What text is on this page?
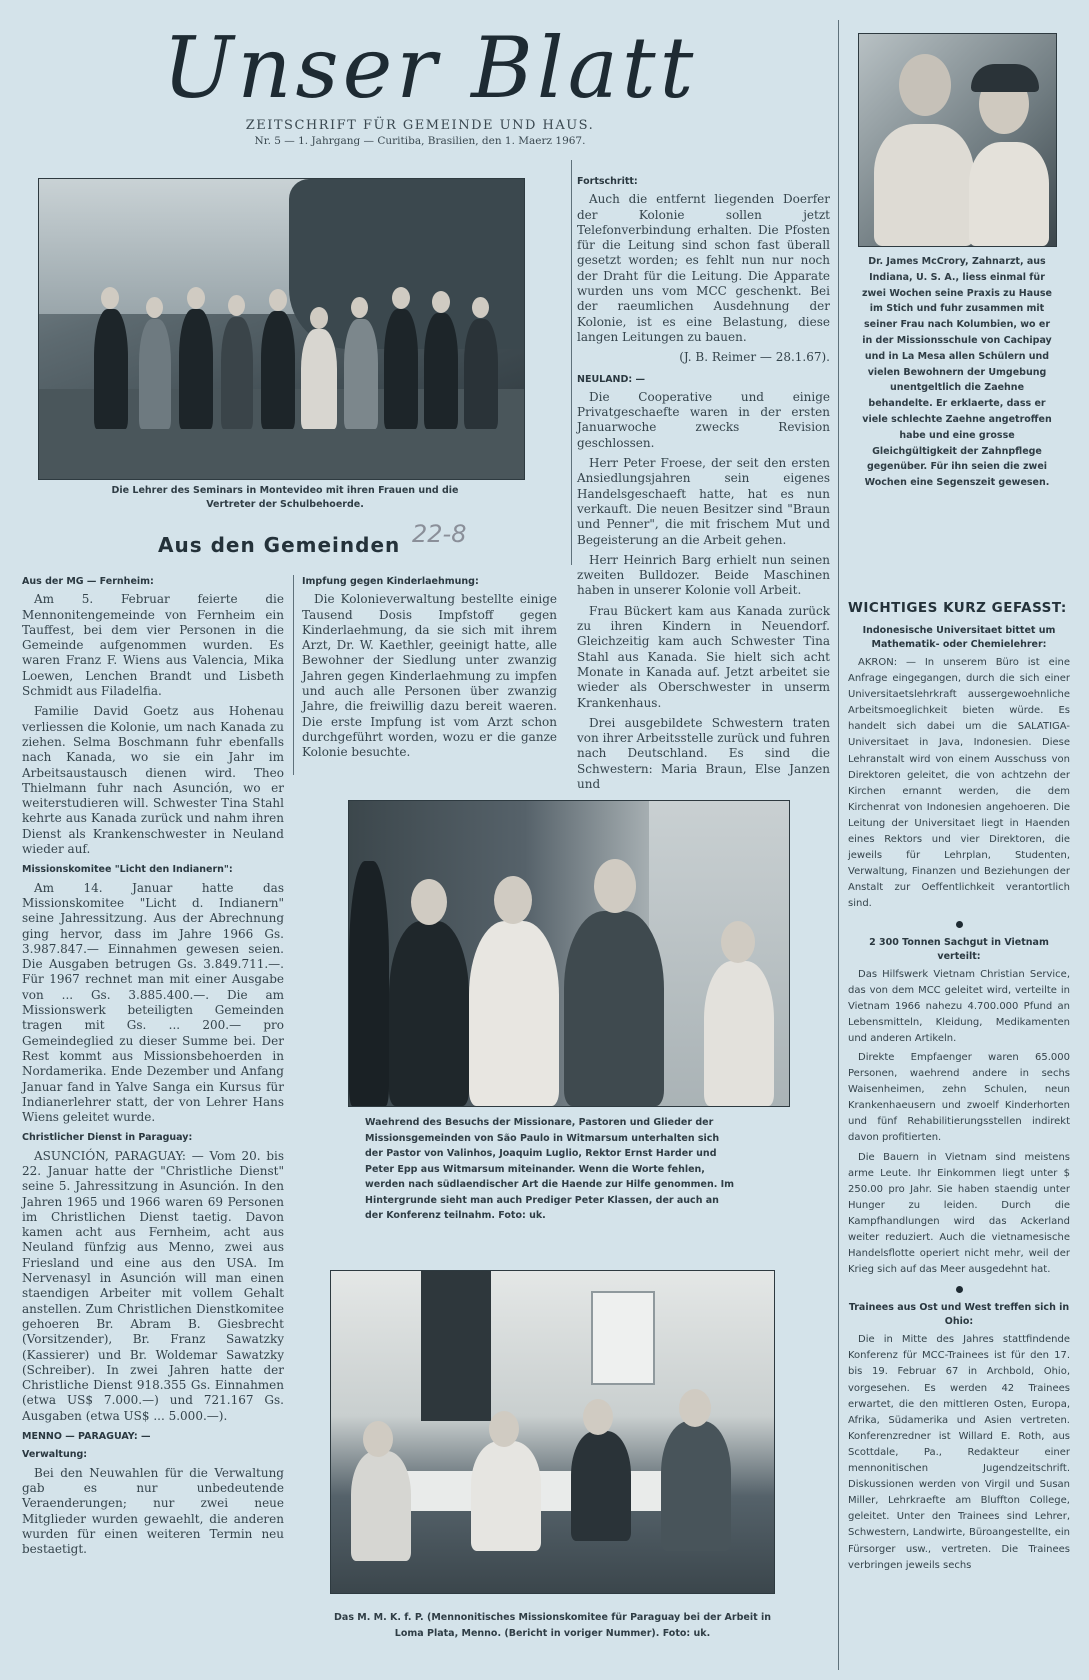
Unser Blatt
ZEITSCHRIFT FÜR GEMEINDE UND HAUS.
Nr. 5 — 1. Jahrgang — Curitiba, Brasilien, den 1. Maerz 1967.
Die Lehrer des Seminars in Montevideo mit ihren Frauen und die Vertreter der Schulbehoerde.
Dr. James McCrory, Zahnarzt, aus Indiana, U. S. A., liess einmal für zwei Wochen seine Praxis zu Hause im Stich und fuhr zusammen mit seiner Frau nach Kolumbien, wo er in der Missionsschule von Cachipay und in La Mesa allen Schülern und vielen Bewohnern der Umgebung unentgeltlich die Zaehne behandelte. Er erklaerte, dass er viele schlechte Zaehne angetroffen habe und eine grosse Gleichgültigkeit der Zahnpflege gegenüber. Für ihn seien die zwei Wochen eine Segenszeit gewesen.
Fortschritt:

Auch die entfernt liegenden Doerfer der Kolonie sollen jetzt Telefonverbindung erhalten. Die Pfosten für die Leitung sind schon fast überall gesetzt worden; es fehlt nun nur noch der Draht für die Leitung. Die Apparate wurden uns vom MCC geschenkt. Bei der raeumlichen Ausdehnung der Kolonie, ist es eine Belastung, diese langen Leitungen zu bauen.

(J. B. Reimer — 28.1.67).
NEULAND: —

Die Cooperative und einige Privatgeschaefte waren in der ersten Januarwoche zwecks Revision geschlossen.

Herr Peter Froese, der seit den ersten Ansiedlungsjahren sein eigenes Handelsgeschaeft hatte, hat es nun verkauft. Die neuen Besitzer sind "Braun und Penner", die mit frischem Mut und Begeisterung an die Arbeit gehen.

Herr Heinrich Barg erhielt nun seinen zweiten Bulldozer. Beide Maschinen haben in unserer Kolonie voll Arbeit.

Frau Bückert kam aus Kanada zurück zu ihren Kindern in Neuendorf. Gleichzeitig kam auch Schwester Tina Stahl aus Kanada. Sie hielt sich acht Monate in Kanada auf. Jetzt arbeitet sie wieder als Oberschwester in unserm Krankenhaus.

Drei ausgebildete Schwestern traten von ihrer Arbeitsstelle zurück und fuhren nach Deutschland. Es sind die Schwestern: Maria Braun, Else Janzen und

Aus den Gemeinden 22-8
Aus der MG — Fernheim:

Am 5. Februar feierte die Mennonitengemeinde von Fernheim ein Tauffest, bei dem vier Personen in die Gemeinde aufgenommen wurden. Es waren Franz F. Wiens aus Valencia, Mika Loewen, Lenchen Brandt und Lisbeth Schmidt aus Filadelfia.

Familie David Goetz aus Hohenau verliessen die Kolonie, um nach Kanada zu ziehen. Selma Boschmann fuhr ebenfalls nach Kanada, wo sie ein Jahr im Arbeitsaustausch dienen wird. Theo Thielmann fuhr nach Asunción, wo er weiterstudieren will. Schwester Tina Stahl kehrte aus Kanada zurück und nahm ihren Dienst als Krankenschwester in Neuland wieder auf.

Missionskomitee "Licht den Indianern":

Am 14. Januar hatte das Missionskomitee "Licht d. Indianern" seine Jahressitzung. Aus der Abrechnung ging hervor, dass im Jahre 1966 Gs. 3.987.847.— Einnahmen gewesen seien. Die Ausgaben betrugen Gs. 3.849.711.—. Für 1967 rechnet man mit einer Ausgabe von ... Gs. 3.885.400.—. Die am Missionswerk beteiligten Gemeinden tragen mit Gs. ... 200.— pro Gemeindeglied zu dieser Summe bei. Der Rest kommt aus Missionsbehoerden in Nordamerika. Ende Dezember und Anfang Januar fand in Yalve Sanga ein Kursus für Indianerlehrer statt, der von Lehrer Hans Wiens geleitet wurde.

Christlicher Dienst in Paraguay:

ASUNCIÓN, PARAGUAY: — Vom 20. bis 22. Januar hatte der "Christliche Dienst" seine 5. Jahressitzung in Asunción. In den Jahren 1965 und 1966 waren 69 Personen im Christlichen Dienst taetig. Davon kamen acht aus Fernheim, acht aus Neuland fünfzig aus Menno, zwei aus Friesland und eine aus den USA. Im Nervenasyl in Asunción will man einen staendigen Arbeiter mit vollem Gehalt anstellen. Zum Christlichen Dienstkomitee gehoeren Br. Abram B. Giesbrecht (Vorsitzender), Br. Franz Sawatzky (Kassierer) und Br. Woldemar Sawatzky (Schreiber). In zwei Jahren hatte der Christliche Dienst 918.355 Gs. Einnahmen (etwa US$ 7.000.—) und 721.167 Gs. Ausgaben (etwa US$ ... 5.000.—).

MENNO — PARAGUAY: —
Verwaltung:

Bei den Neuwahlen für die Verwaltung gab es nur unbedeutende Veraenderungen; nur zwei neue Mitglieder wurden gewaehlt, die anderen wurden für einen weiteren Termin neu bestaetigt.

Impfung gegen Kinderlaehmung:

Die Kolonieverwaltung bestellte einige Tausend Dosis Impfstoff gegen Kinderlaehmung, da sie sich mit ihrem Arzt, Dr. W. Kaethler, geeinigt hatte, alle Bewohner der Siedlung unter zwanzig Jahren gegen Kinderlaehmung zu impfen und auch alle Personen über zwanzig Jahre, die freiwillig dazu bereit waeren. Die erste Impfung ist vom Arzt schon durchgeführt worden, wozu er die ganze Kolonie besuchte.

Waehrend des Besuchs der Missionare, Pastoren und Glieder der Missionsgemeinden von São Paulo in Witmarsum unterhalten sich der Pastor von Valinhos, Joaquim Luglio, Rektor Ernst Harder und Peter Epp aus Witmarsum miteinander. Wenn die Worte fehlen, werden nach südlaendischer Art die Haende zur Hilfe genommen. Im Hintergrunde sieht man auch Prediger Peter Klassen, der auch an der Konferenz teilnahm. Foto: uk.
Das M. M. K. f. P. (Mennonitisches Missionskomitee für Paraguay bei der Arbeit in Loma Plata, Menno. (Bericht in voriger Nummer). Foto: uk.
WICHTIGES KURZ GEFASST:
Indonesische Universitaet bittet um Mathematik- oder Chemielehrer:

AKRON: — In unserem Büro ist eine Anfrage eingegangen, durch die sich einer Universitaetslehrkraft aussergewoehnliche Arbeitsmoeglichkeit bieten würde. Es handelt sich dabei um die SALATIGA-Universitaet in Java, Indonesien. Diese Lehranstalt wird von einem Ausschuss von Direktoren geleitet, die von achtzehn der Kirchen ernannt werden, die dem Kirchenrat von Indonesien angehoeren. Die Leitung der Universitaet liegt in Haenden eines Rektors und vier Direktoren, die jeweils für Lehrplan, Studenten, Verwaltung, Finanzen und Beziehungen der Anstalt zur Oeffentlichkeit verantortlich sind.

2 300 Tonnen Sachgut in Vietnam verteilt:

Das Hilfswerk Vietnam Christian Service, das von dem MCC geleitet wird, verteilte in Vietnam 1966 nahezu 4.700.000 Pfund an Lebensmitteln, Kleidung, Medikamenten und anderen Artikeln.

Direkte Empfaenger waren 65.000 Personen, waehrend andere in sechs Waisenheimen, zehn Schulen, neun Krankenhaeusern und zwoelf Kinderhorten und fünf Rehabilitierungsstellen indirekt davon profitierten.

Die Bauern in Vietnam sind meistens arme Leute. Ihr Einkommen liegt unter $ 250.00 pro Jahr. Sie haben staendig unter Hunger zu leiden. Durch die Kampfhandlungen wird das Ackerland weiter reduziert. Auch die vietnamesische Handelsflotte operiert nicht mehr, weil der Krieg sich auf das Meer ausgedehnt hat.

Trainees aus Ost und West treffen sich in Ohio:

Die in Mitte des Jahres stattfindende Konferenz für MCC-Trainees ist für den 17. bis 19. Februar 67 in Archbold, Ohio, vorgesehen. Es werden 42 Trainees erwartet, die den mittleren Osten, Europa, Afrika, Südamerika und Asien vertreten. Konferenzredner ist Willard E. Roth, aus Scottdale, Pa., Redakteur einer mennonitischen Jugendzeitschrift. Diskussionen werden von Virgil und Susan Miller, Lehrkraefte am Bluffton College, geleitet. Unter den Trainees sind Lehrer, Schwestern, Landwirte, Büroangestellte, ein Fürsorger usw., vertreten. Die Trainees verbringen jeweils sechs
